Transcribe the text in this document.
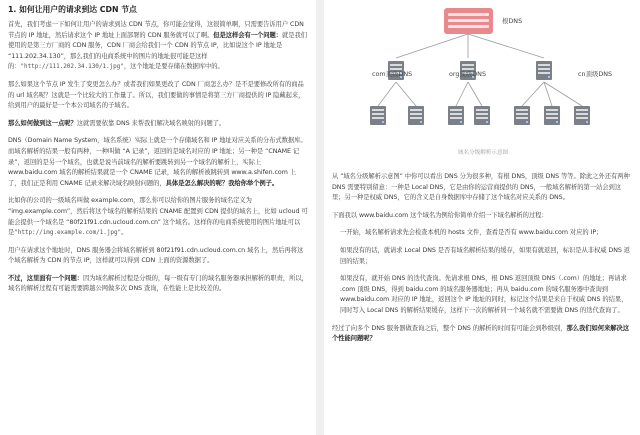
1. 如何让用户的请求到达 CDN 节点

首先，我们考虑一下如何让用户的请求到达 CDN 节点，你可能会觉得，这很简单啊，只需要告诉用户 CDN 节点的 IP 地址，然后请求这个 IP 地址上面部署的 CDN 服务就可以了啊。但是这样会有一个问题：就是我们使用的是第三方厂商的 CDN 服务，CDN 厂商会给我们一个 CDN 的节点 IP，比如说这个 IP 地址是 “111.202.34.130”，那么我们的电商系统中的图片的地址很可能是这样的："http://111.202.34.130/1.jpg"，这个地址是要存储在数据库中的。

那么如果这个节点 IP 发生了变更怎么办？或者我们如果更改了 CDN 厂商怎么办？是不是要修改所有的商品的 url 域名呢？这就是一个比较大的工作量了。所以，我们要做的事情是将第三方厂商提供的 IP 隐藏起来，给到用户的最好是一个本公司域名的子域名。

那么如何做到这一点呢？这就需要依靠 DNS 来帮我们解决域名映射的问题了。

DNS（Domain Name System，域名系统）实际上就是一个存储域名和 IP 地址对应关系的分布式数据库。而域名解析的结果一般有两种，一种叫做 “A 记录”，返回的是域名对应的 IP 地址；另一种是 “CNAME 记录”，返回的是另一个域名，也就是说当前域名的解析要跳转到另一个域名的解析上，实际上 www.baidu.com 域名的解析结果就是一个 CNAME 记录，域名的解析被跳转到 www.a.shifen.com 上了，我们正是利用 CNAME 记录来解决域名映射问题的，具体是怎么解决的呢？我给你举个例子。

比如你的公司的一级域名叫做 example.com，那么你可以给你的图片服务的域名定义为 “img.example.com”，然后将这个域名的解析结果的 CNAME 配置到 CDN 提供的域名上，比如 ucloud 可能会提供一个域名是 “80f21f91.cdn.ucloud.com.cn” 这个域名。这样你的电商系统使用的图片地址可以是"http://img.example.com/1.jpg"。

用户在请求这个地址时，DNS 服务器会将域名解析到 80f21f91.cdn.ucloud.com.cn 域名上，然后再将这个域名解析为 CDN 的节点 IP，这样就可以得到 CDN 上面的资源数据了。

不过，这里面有一个问题：因为域名解析过程是分级的，每一级有专门的域名服务器承担解析的职责，所以，域名的解析过程有可能需要跨越公网做多次 DNS 查询，在性能上是比较差的。

根DNS
com顶级DNS	org顶级DNS	cn顶级DNS
域名分级解析示意图

从 “域名分级解析示意图” 中你可以看出 DNS 分为很多种，有根 DNS，顶级 DNS 等等。除此之外还有两种 DNS 需要特别留意：一种是 Local DNS，它是由你的运营商提供的 DNS，一般域名解析的第一站会到这里；另一种是权威 DNS，它的含义是自身数据库中存储了这个域名对应关系的 DNS。

下面我以 www.baidu.com 这个域名为例给你简单介绍一下域名解析的过程：

一开始，域名解析请求先会检查本机的 hosts 文件，查看是否有 www.baidu.com 对应的 IP；

如果没有的话，就请求 Local DNS 是否有域名解析结果的缓存，如果有就返回，标识是从非权威 DNS 返回的结果；

如果没有，就开始 DNS 的迭代查询。先请求根 DNS，根 DNS 返回顶级 DNS（.com）的地址；再请求 .com 顶级 DNS，得到 baidu.com 的域名服务器地址；再从 baidu.com 的域名服务器中查询到 www.baidu.com 对应的 IP 地址，返回这个 IP 地址的同时，标记这个结果是来自于权威 DNS 的结果，同时写入 Local DNS 的解析结果缓存，这样下一次的解析同一个域名就不需要做 DNS 的迭代查询了。

经过了向多个 DNS 服务器做查询之后，整个 DNS 的解析的时间有可能会到秒级别，那么我们如何来解决这个性能问题呢？
